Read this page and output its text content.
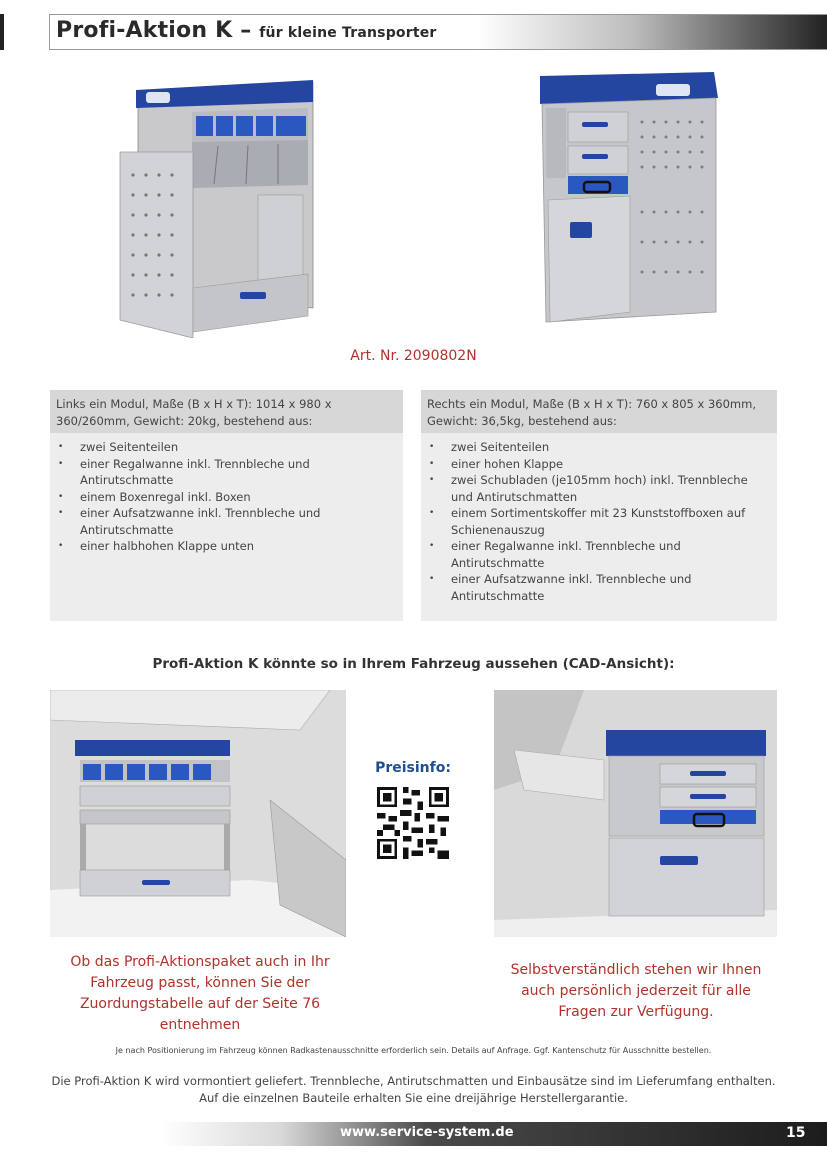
Profi-Aktion K – für kleine Transporter
Art. Nr. 2090802N
Links ein Modul, Maße (B x H x T): 1014 x 980 x 360/260mm, Gewicht: 20kg, bestehend aus:
• zwei Seitenteilen
• einer Regalwanne inkl. Trennbleche und Antirutschmatte
• einem Boxenregal inkl. Boxen
• einer Aufsatzwanne inkl. Trennbleche und Antirutschmatte
• einer halbhohen Klappe unten
Rechts ein Modul, Maße (B x H x T): 760 x 805 x 360mm, Gewicht: 36,5kg, bestehend aus:
• zwei Seitenteilen
• einer hohen Klappe
• zwei Schubladen (je105mm hoch) inkl. Trennbleche und Antirutschmatten
• einem Sortimentskoffer mit 23 Kunststoffboxen auf Schienenauszug
• einer Regalwanne inkl. Trennbleche und Antirutschmatte
• einer Aufsatzwanne inkl. Trennbleche und Antirutschmatte
Profi-Aktion K könnte so in Ihrem Fahrzeug aussehen (CAD-Ansicht):
Preisinfo:
Ob das Profi-Aktionspaket auch in Ihr Fahrzeug passt, können Sie der Zuordungstabelle auf der Seite 76 entnehmen
Selbstverständlich stehen wir Ihnen auch persönlich jederzeit für alle Fragen zur Verfügung.
Je nach Positionierung im Fahrzeug können Radkastenausschnitte erforderlich sein. Details auf Anfrage. Ggf. Kantenschutz für Ausschnitte bestellen.
Die Profi-Aktion K wird vormontiert geliefert. Trennbleche, Antirutschmatten und Einbausätze sind im Lieferumfang enthalten. Auf die einzelnen Bauteile erhalten Sie eine dreijährige Herstellergarantie.
www.service-system.de	15
